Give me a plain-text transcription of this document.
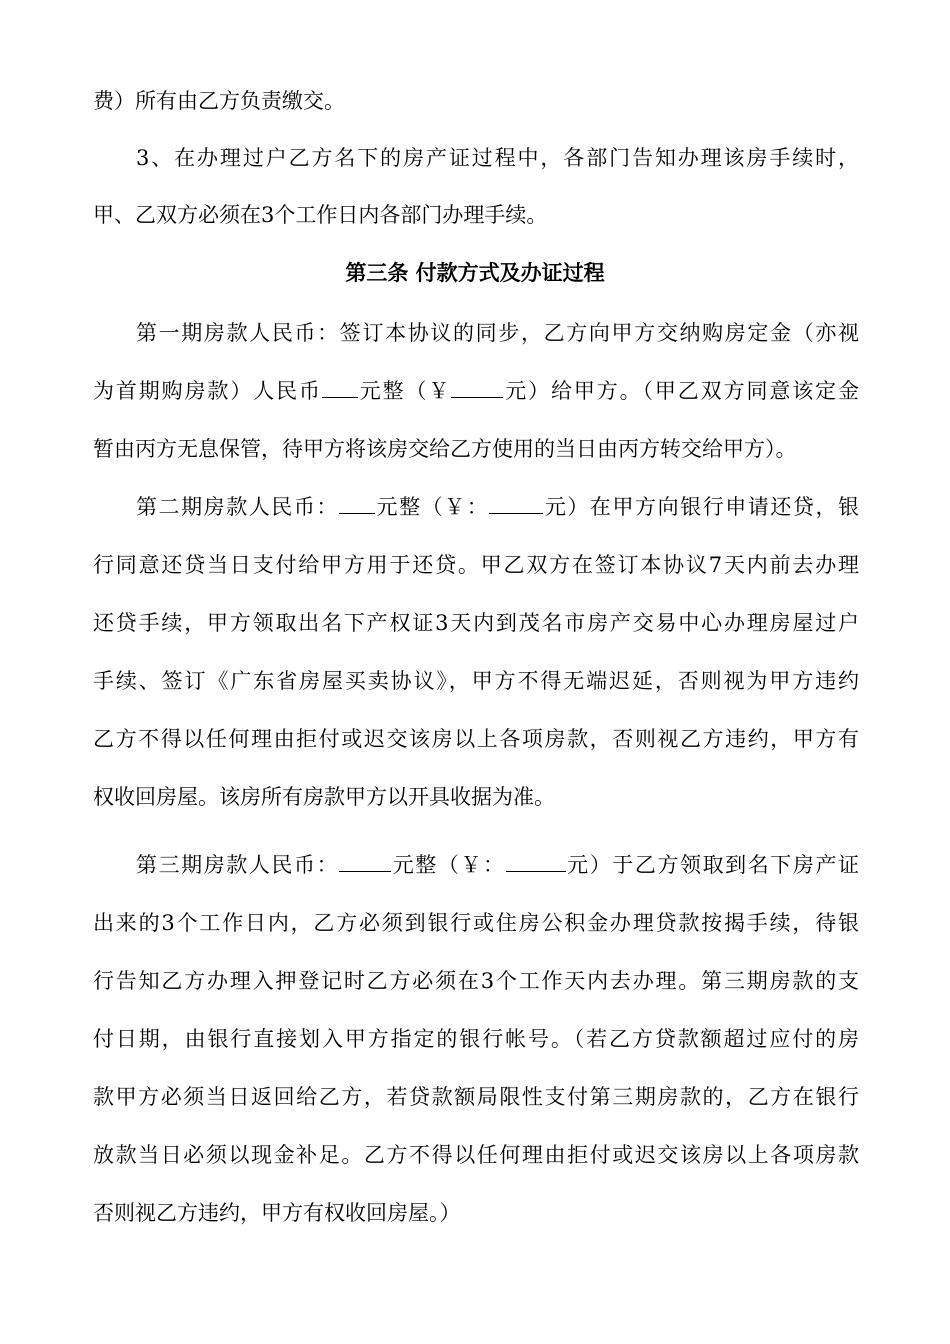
费）所有由乙方负责缴交。

3、在办理过户乙方名下的房产证过程中，各部门告知办理该房手续时，

甲、乙双方必须在3个工作日内各部门办理手续。

第三条 付款方式及办证过程

第一期房款人民币：签订本协议的同步，乙方向甲方交纳购房定金（亦视

为首期购房款）人民币 元整（￥ 元）给甲方。（甲乙双方同意该定金

暂由丙方无息保管，待甲方将该房交给乙方使用的当日由丙方转交给甲方）。

第二期房款人民币： 元整（￥：	元）在甲方向银行申请还贷，银

行同意还贷当日支付给甲方用于还贷。甲乙双方在签订本协议7天内前去办理

还贷手续，甲方领取出名下产权证3天内到茂名市房产交易中心办理房屋过户

手续、签订《广东省房屋买卖协议》，甲方不得无端迟延，否则视为甲方违约

乙方不得以任何理由拒付或迟交该房以上各项房款，否则视乙方违约，甲方有

权收回房屋。该房所有房款甲方以开具收据为准。

第三期房款人民币： 元整（￥：	元）于乙方领取到名下房产证

出来的3个工作日内，乙方必须到银行或住房公积金办理贷款按揭手续，待银

行告知乙方办理入押登记时乙方必须在3个工作天内去办理。第三期房款的支

付日期，由银行直接划入甲方指定的银行帐号。（若乙方贷款额超过应付的房

款甲方必须当日返回给乙方，若贷款额局限性支付第三期房款的，乙方在银行

放款当日必须以现金补足。乙方不得以任何理由拒付或迟交该房以上各项房款

否则视乙方违约，甲方有权收回房屋。）
